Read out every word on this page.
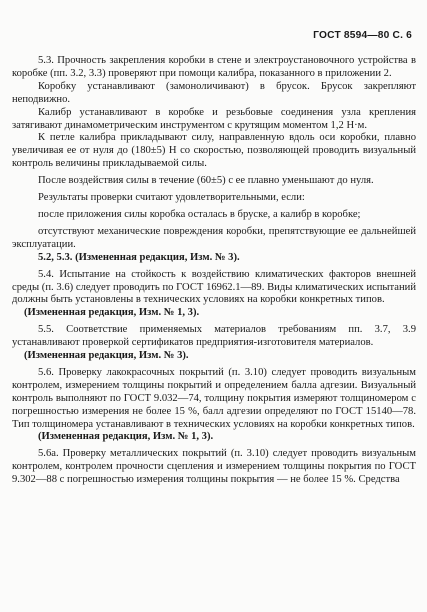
ГОСТ 8594—80 С. 6

5.3. Прочность закрепления коробки в стене и электроустановочного устройства в коробке (пп. 3.2, 3.3) проверяют при помощи калибра, показанного в приложении 2.

Коробку устанавливают (замоноличивают) в брусок. Брусок закрепляют неподвижно.

Калибр устанавливают в коробке и резьбовые соединения узла крепления затягивают динамометрическим инструментом с крутящим моментом 1,2 Н·м.

К петле калибра прикладывают силу, направленную вдоль оси коробки, плавно увеличивая ее от нуля до (180±5) Н со скоростью, позволяющей проводить визуальный контроль величины прикладываемой силы.

После воздействия силы в течение (60±5) с ее плавно уменьшают до нуля.

Результаты проверки считают удовлетворительными, если:

после приложения силы коробка осталась в бруске, а калибр в коробке;

отсутствуют механические повреждения коробки, препятствующие ее дальнейшей эксплуатации.

5.2, 5.3. (Измененная редакция, Изм. № 3).

5.4. Испытание на стойкость к воздействию климатических факторов внешней среды (п. 3.6) следует проводить по ГОСТ 16962.1—89. Виды климатических испытаний должны быть установлены в технических условиях на коробки конкретных типов.

(Измененная редакция, Изм. № 1, 3).

5.5. Соответствие применяемых материалов требованиям пп. 3.7, 3.9 устанавливают проверкой сертификатов предприятия-изготовителя материалов.

(Измененная редакция, Изм. № 3).

5.6. Проверку лакокрасочных покрытий (п. 3.10) следует проводить визуальным контролем, измерением толщины покрытий и определением балла адгезии. Визуальный контроль выполняют по ГОСТ 9.032—74, толщину покрытия измеряют толщиномером с погрешностью измерения не более 15 %, балл адгезии определяют по ГОСТ 15140—78. Тип толщиномера устанавливают в технических условиях на коробки конкретных типов.

(Измененная редакция, Изм. № 1, 3).

5.6а. Проверку металлических покрытий (п. 3.10) следует проводить визуальным контролем, контролем прочности сцепления и измерением толщины покрытия по ГОСТ 9.302—88 с погрешностью измерения толщины покрытия — не более 15 %. Средства
